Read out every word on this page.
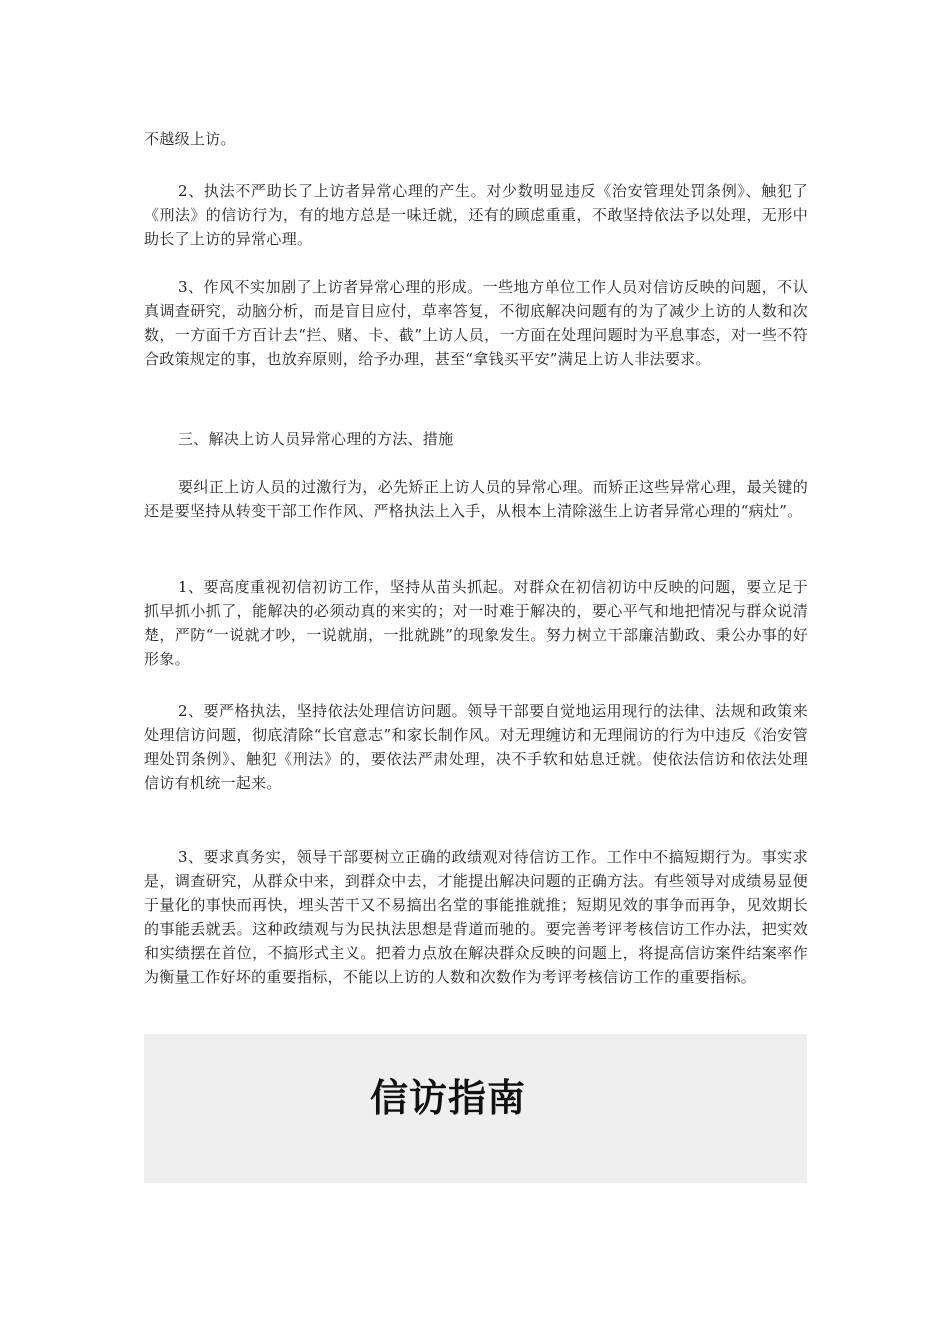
不越级上访。

2、执法不严助长了上访者异常心理的产生。对少数明显违反《治安管理处罚条例》、触犯了《刑法》的信访行为，有的地方总是一味迁就，还有的顾虑重重，不敢坚持依法予以处理，无形中助长了上访的异常心理。

3、作风不实加剧了上访者异常心理的形成。一些地方单位工作人员对信访反映的问题，不认真调查研究，动脑分析，而是盲目应付，草率答复，不彻底解决问题有的为了减少上访的人数和次数，一方面千方百计去“拦、赌、卡、截”上访人员，一方面在处理问题时为平息事态，对一些不符合政策规定的事，也放弃原则，给予办理，甚至“拿钱买平安”满足上访人非法要求。

三、解决上访人员异常心理的方法、措施

要纠正上访人员的过激行为，必先矫正上访人员的异常心理。而矫正这些异常心理，最关键的还是要坚持从转变干部工作作风、严格执法上入手，从根本上清除滋生上访者异常心理的“病灶”。

1、要高度重视初信初访工作，坚持从苗头抓起。对群众在初信初访中反映的问题，要立足于抓早抓小抓了，能解决的必须动真的来实的；对一时难于解决的，要心平气和地把情况与群众说清楚，严防“一说就才吵，一说就崩，一批就跳”的现象发生。努力树立干部廉洁勤政、秉公办事的好形象。

2、要严格执法，坚持依法处理信访问题。领导干部要自觉地运用现行的法律、法规和政策来处理信访问题，彻底清除“长官意志”和家长制作风。对无理缠访和无理闹访的行为中违反《治安管理处罚条例》、触犯《刑法》的，要依法严肃处理，决不手软和姑息迁就。使依法信访和依法处理信访有机统一起来。

3、要求真务实，领导干部要树立正确的政绩观对待信访工作。工作中不搞短期行为。事实求是，调查研究，从群众中来，到群众中去，才能提出解决问题的正确方法。有些领导对成绩易显便于量化的事快而再快，埋头苦干又不易搞出名堂的事能推就推；短期见效的事争而再争，见效期长的事能丢就丢。这种政绩观与为民执法思想是背道而驰的。要完善考评考核信访工作办法，把实效和实绩摆在首位，不搞形式主义。把着力点放在解决群众反映的问题上，将提高信访案件结案率作为衡量工作好坏的重要指标，不能以上访的人数和次数作为考评考核信访工作的重要指标。

信访指南
